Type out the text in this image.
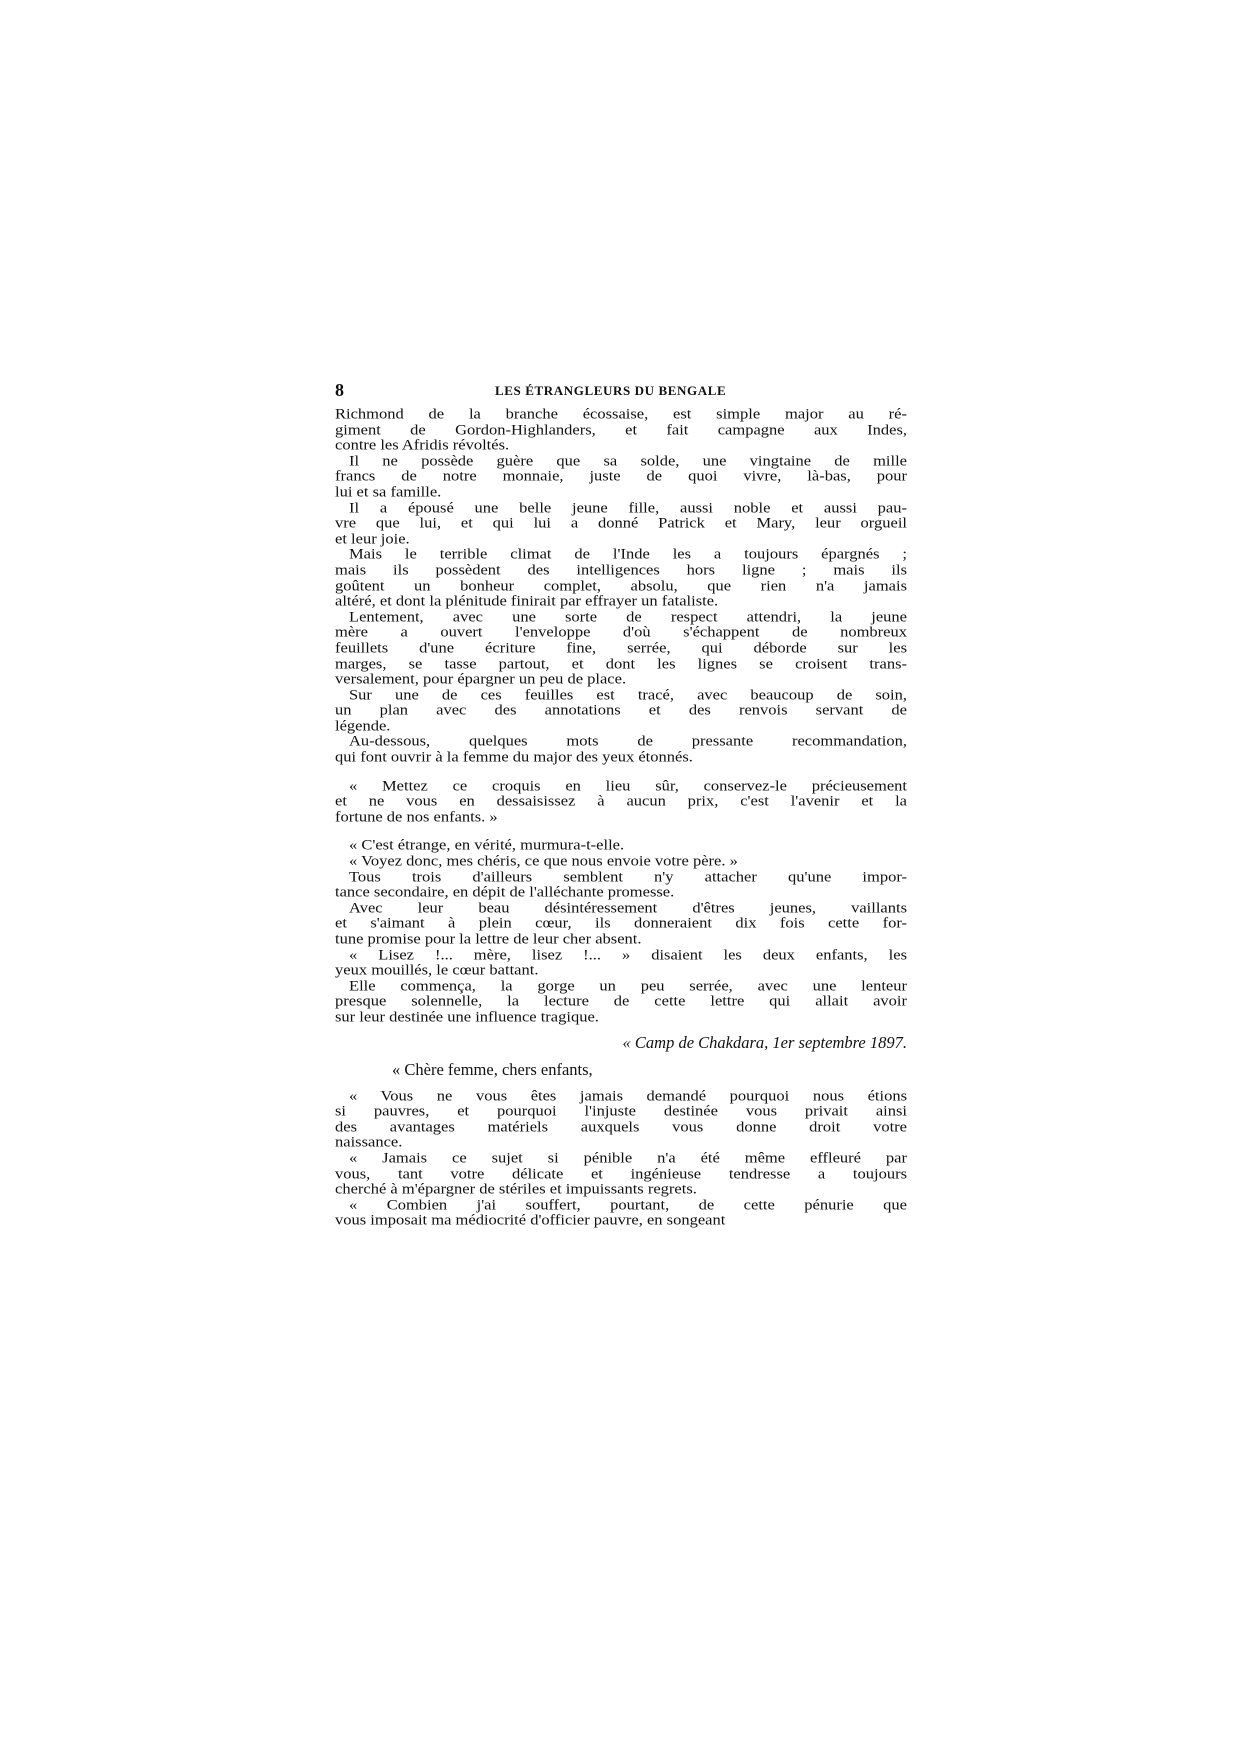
8	LES ÉTRANGLEURS DU BENGALE
Richmond de la branche écossaise, est simple major au ré-
giment de Gordon-Highlanders, et fait campagne aux Indes,
contre les Afridis révoltés.
Il ne possède guère que sa solde, une vingtaine de mille
francs de notre monnaie, juste de quoi vivre, là-bas, pour
lui et sa famille.
Il a épousé une belle jeune fille, aussi noble et aussi pau-
vre que lui, et qui lui a donné Patrick et Mary, leur orgueil
et leur joie.
Mais le terrible climat de l'Inde les a toujours épargnés ;
mais ils possèdent des intelligences hors ligne ; mais ils
goûtent un bonheur complet, absolu, que rien n'a jamais
altéré, et dont la plénitude finirait par effrayer un fataliste.
Lentement, avec une sorte de respect attendri, la jeune
mère a ouvert l'enveloppe d'où s'échappent de nombreux
feuillets d'une écriture fine, serrée, qui déborde sur les
marges, se tasse partout, et dont les lignes se croisent trans-
versalement, pour épargner un peu de place.
Sur une de ces feuilles est tracé, avec beaucoup de soin,
un plan avec des annotations et des renvois servant de
légende.
Au-dessous, quelques mots de pressante recommandation,
qui font ouvrir à la femme du major des yeux étonnés.
« Mettez ce croquis en lieu sûr, conservez-le précieusement
et ne vous en dessaisissez à aucun prix, c'est l'avenir et la
fortune de nos enfants. »
« C'est étrange, en vérité, murmura-t-elle.
« Voyez donc, mes chéris, ce que nous envoie votre père. »
Tous trois d'ailleurs semblent n'y attacher qu'une impor-
tance secondaire, en dépit de l'alléchante promesse.
Avec leur beau désintéressement d'êtres jeunes, vaillants
et s'aimant à plein cœur, ils donneraient dix fois cette for-
tune promise pour la lettre de leur cher absent.
« Lisez !... mère, lisez !... » disaient les deux enfants, les
yeux mouillés, le cœur battant.
Elle commença, la gorge un peu serrée, avec une lenteur
presque solennelle, la lecture de cette lettre qui allait avoir
sur leur destinée une influence tragique.
« Camp de Chakdara, 1er septembre 1897.
« Chère femme, chers enfants,
« Vous ne vous êtes jamais demandé pourquoi nous étions
si pauvres, et pourquoi l'injuste destinée vous privait ainsi
des avantages matériels auxquels vous donne droit votre
naissance.
« Jamais ce sujet si pénible n'a été même effleuré par
vous, tant votre délicate et ingénieuse tendresse a toujours
cherché à m'épargner de stériles et impuissants regrets.
« Combien j'ai souffert, pourtant, de cette pénurie que
vous imposait ma médiocrité d'officier pauvre, en songeant
